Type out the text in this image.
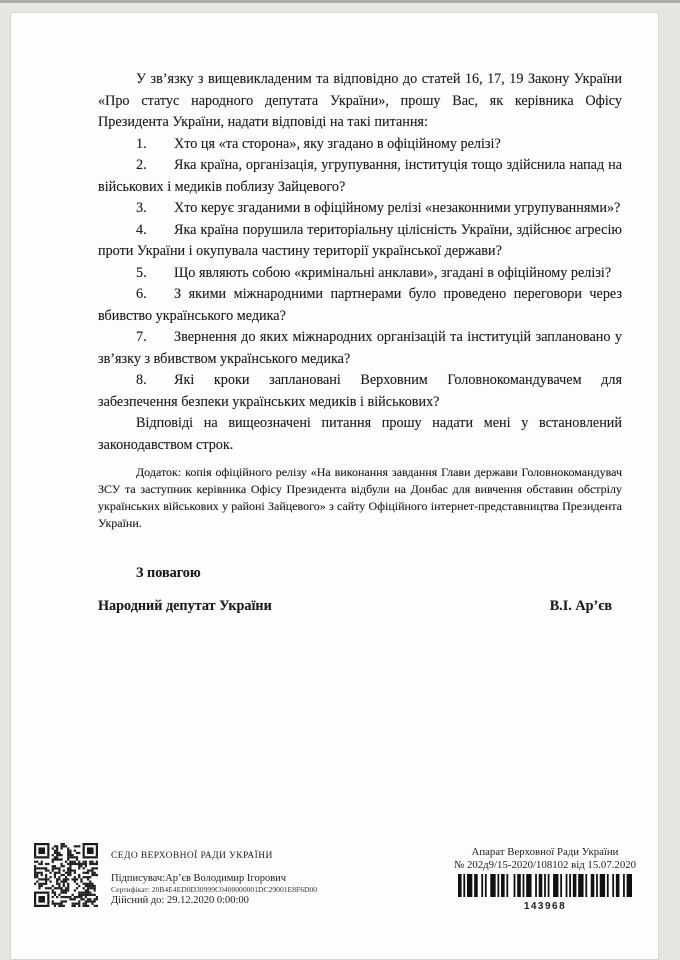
У зв’язку з вищевикладеним та відповідно до статей 16, 17, 19 Закону України «Про статус народного депутата України», прошу Вас, як керівника Офісу Президента України, надати відповіді на такі питання:

1. Хто ця «та сторона», яку згадано в офіційному релізі?

2. Яка країна, організація, угрупування, інституція тощо здійснила напад на військових і медиків поблизу Зайцевого?

3. Хто керує згаданими в офіційному релізі «незаконними угрупуваннями»?

4. Яка країна порушила територіальну цілісність України, здійснює агресію проти України і окупувала частину території української держави?

5. Що являють собою «кримінальні анклави», згадані в офіційному релізі?

6. З якими міжнародними партнерами було проведено переговори через вбивство українського медика?

7. Звернення до яких міжнародних організацій та інституцій заплановано у зв’язку з вбивством українського медика?

8. Які кроки заплановані Верховним Головнокомандувачем для забезпечення безпеки українських медиків і військових?

Відповіді на вищеозначені питання прошу надати мені у встановлений законодавством строк.

Додаток: копія офіційного релізу «На виконання завдання Глави держави Головнокомандувач ЗСУ та заступник керівника Офісу Президента відбули на Донбас для вивчення обставин обстрілу українських військових у районі Зайцевого» з сайту Офіційного інтернет-представництва Президента України.

З повагою

Народний депутат України	В.І. Ар’єв
СЕДО ВЕРХОВНОЇ РАДИ УКРАЇНИ
Підписувач:Ар’єв Володимир Ігорович
Сертифікат: 20B4E4ED0D30999C0400000001DC29001E8F6D00
Дійсний до: 29.12.2020 0:00:00
Апарат Верховної Ради України
№ 202д9/15-2020/108102 від 15.07.2020
143968
